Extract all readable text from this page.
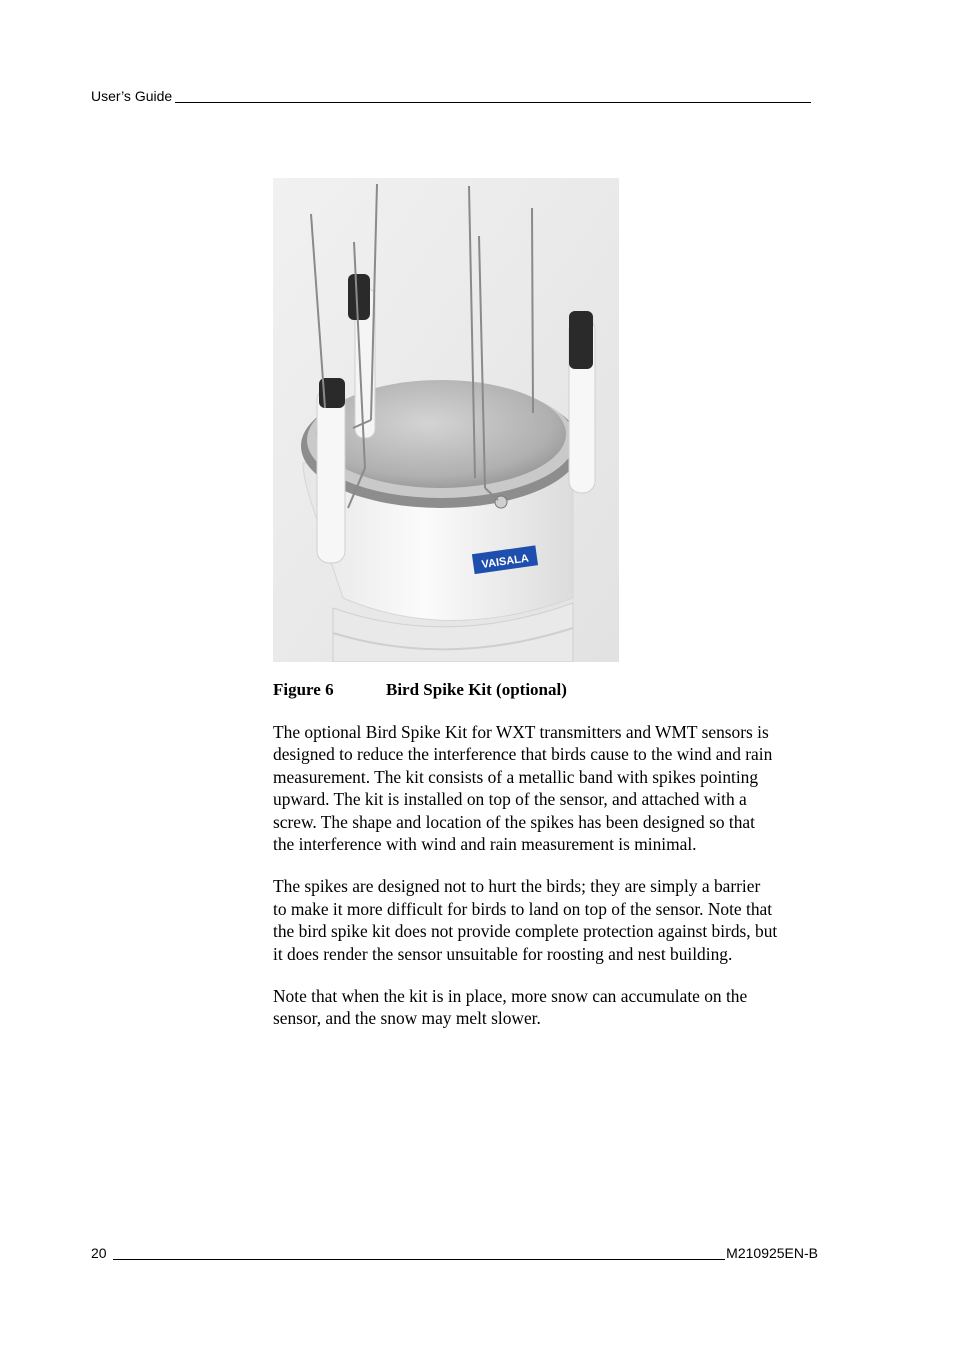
User’s Guide
VAISALA
Figure 6	Bird Spike Kit (optional)

The optional Bird Spike Kit for WXT transmitters and WMT sensors is
designed to reduce the interference that birds cause to the wind and rain
measurement. The kit consists of a metallic band with spikes pointing
upward. The kit is installed on top of the sensor, and attached with a
screw. The shape and location of the spikes has been designed so that
the interference with wind and rain measurement is minimal.

The spikes are designed not to hurt the birds; they are simply a barrier
to make it more difficult for birds to land on top of the sensor. Note that
the bird spike kit does not provide complete protection against birds, but
it does render the sensor unsuitable for roosting and nest building.

Note that when the kit is in place, more snow can accumulate on the
sensor, and the snow may melt slower.

20	M210925EN-B
